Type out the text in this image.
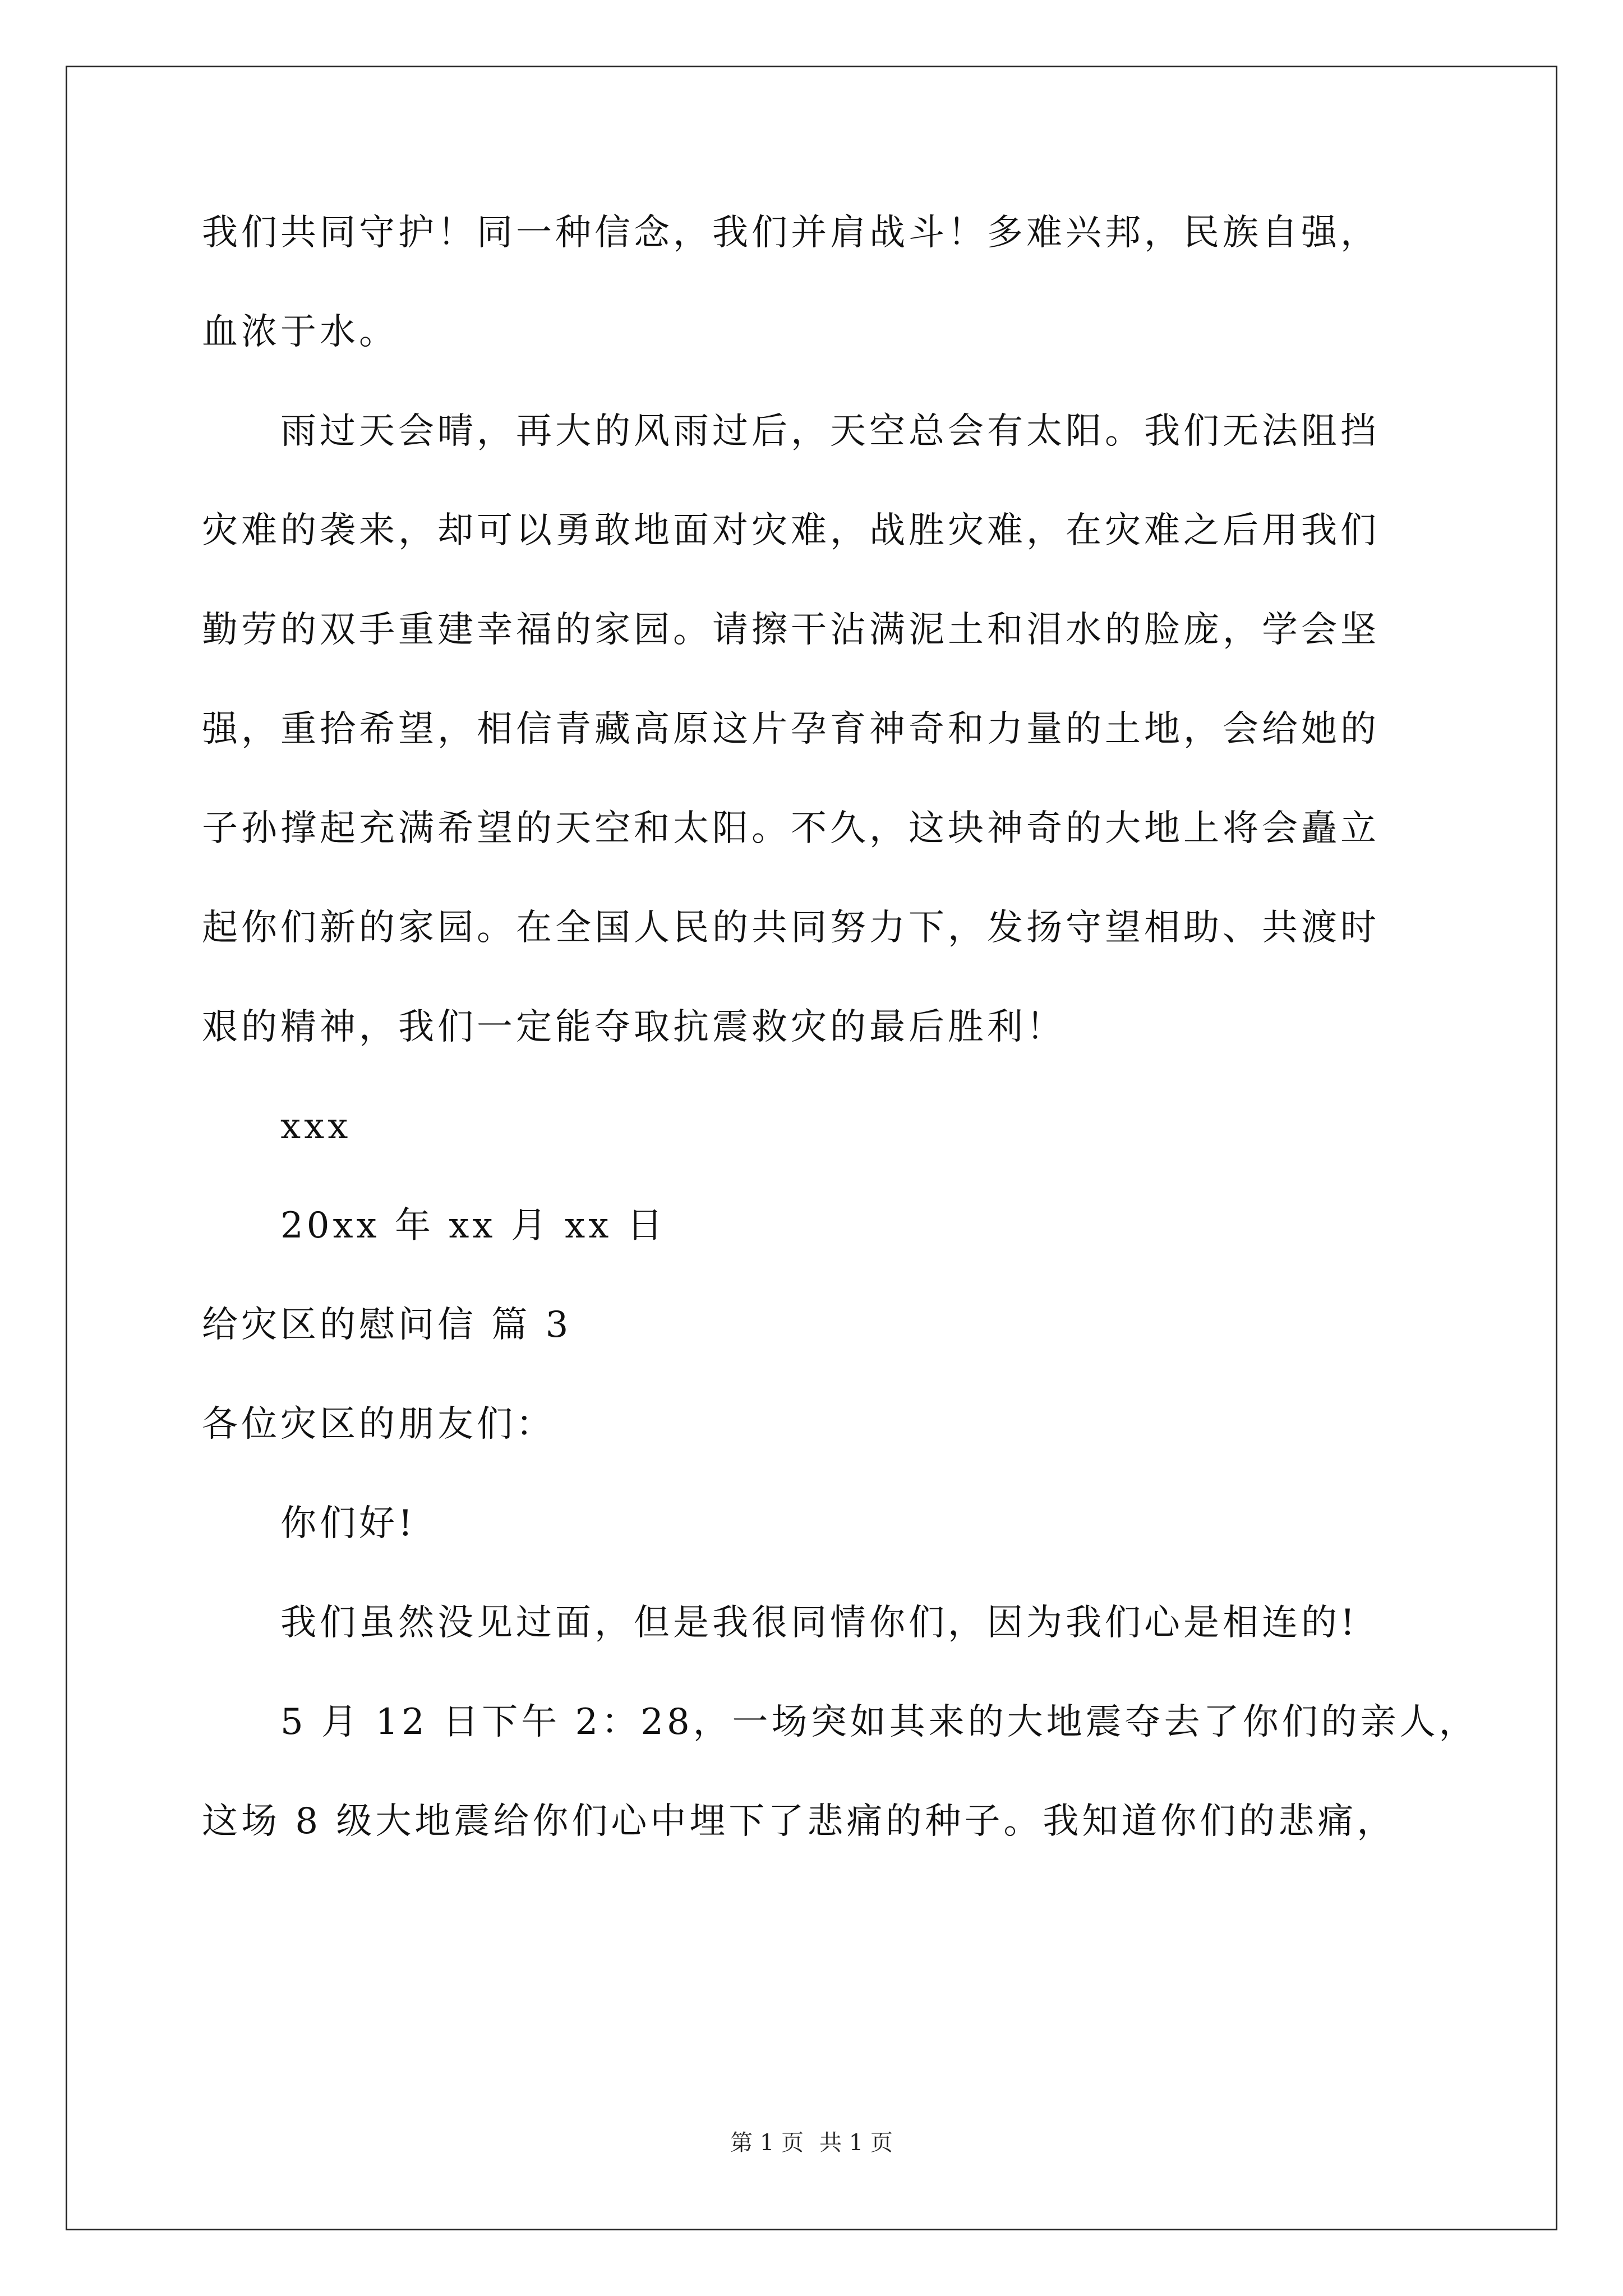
我们共同守护！同一种信念，我们并肩战斗！多难兴邦，民族自强，
血浓于水。
雨过天会晴，再大的风雨过后，天空总会有太阳。我们无法阻挡
灾难的袭来，却可以勇敢地面对灾难，战胜灾难，在灾难之后用我们
勤劳的双手重建幸福的家园。请擦干沾满泥土和泪水的脸庞，学会坚
强，重拾希望，相信青藏高原这片孕育神奇和力量的土地，会给她的
子孙撑起充满希望的天空和太阳。不久，这块神奇的大地上将会矗立
起你们新的家园。在全国人民的共同努力下，发扬守望相助、共渡时
艰的精神，我们一定能夺取抗震救灾的最后胜利！
xxx
20xx 年 xx 月 xx 日
给灾区的慰问信 篇 3
各位灾区的朋友们：
你们好!
我们虽然没见过面，但是我很同情你们，因为我们心是相连的!
5 月 12 日下午 2：28，一场突如其来的大地震夺去了你们的亲人，
这场 8 级大地震给你们心中埋下了悲痛的种子。我知道你们的悲痛，
第 1 页 共 1 页
